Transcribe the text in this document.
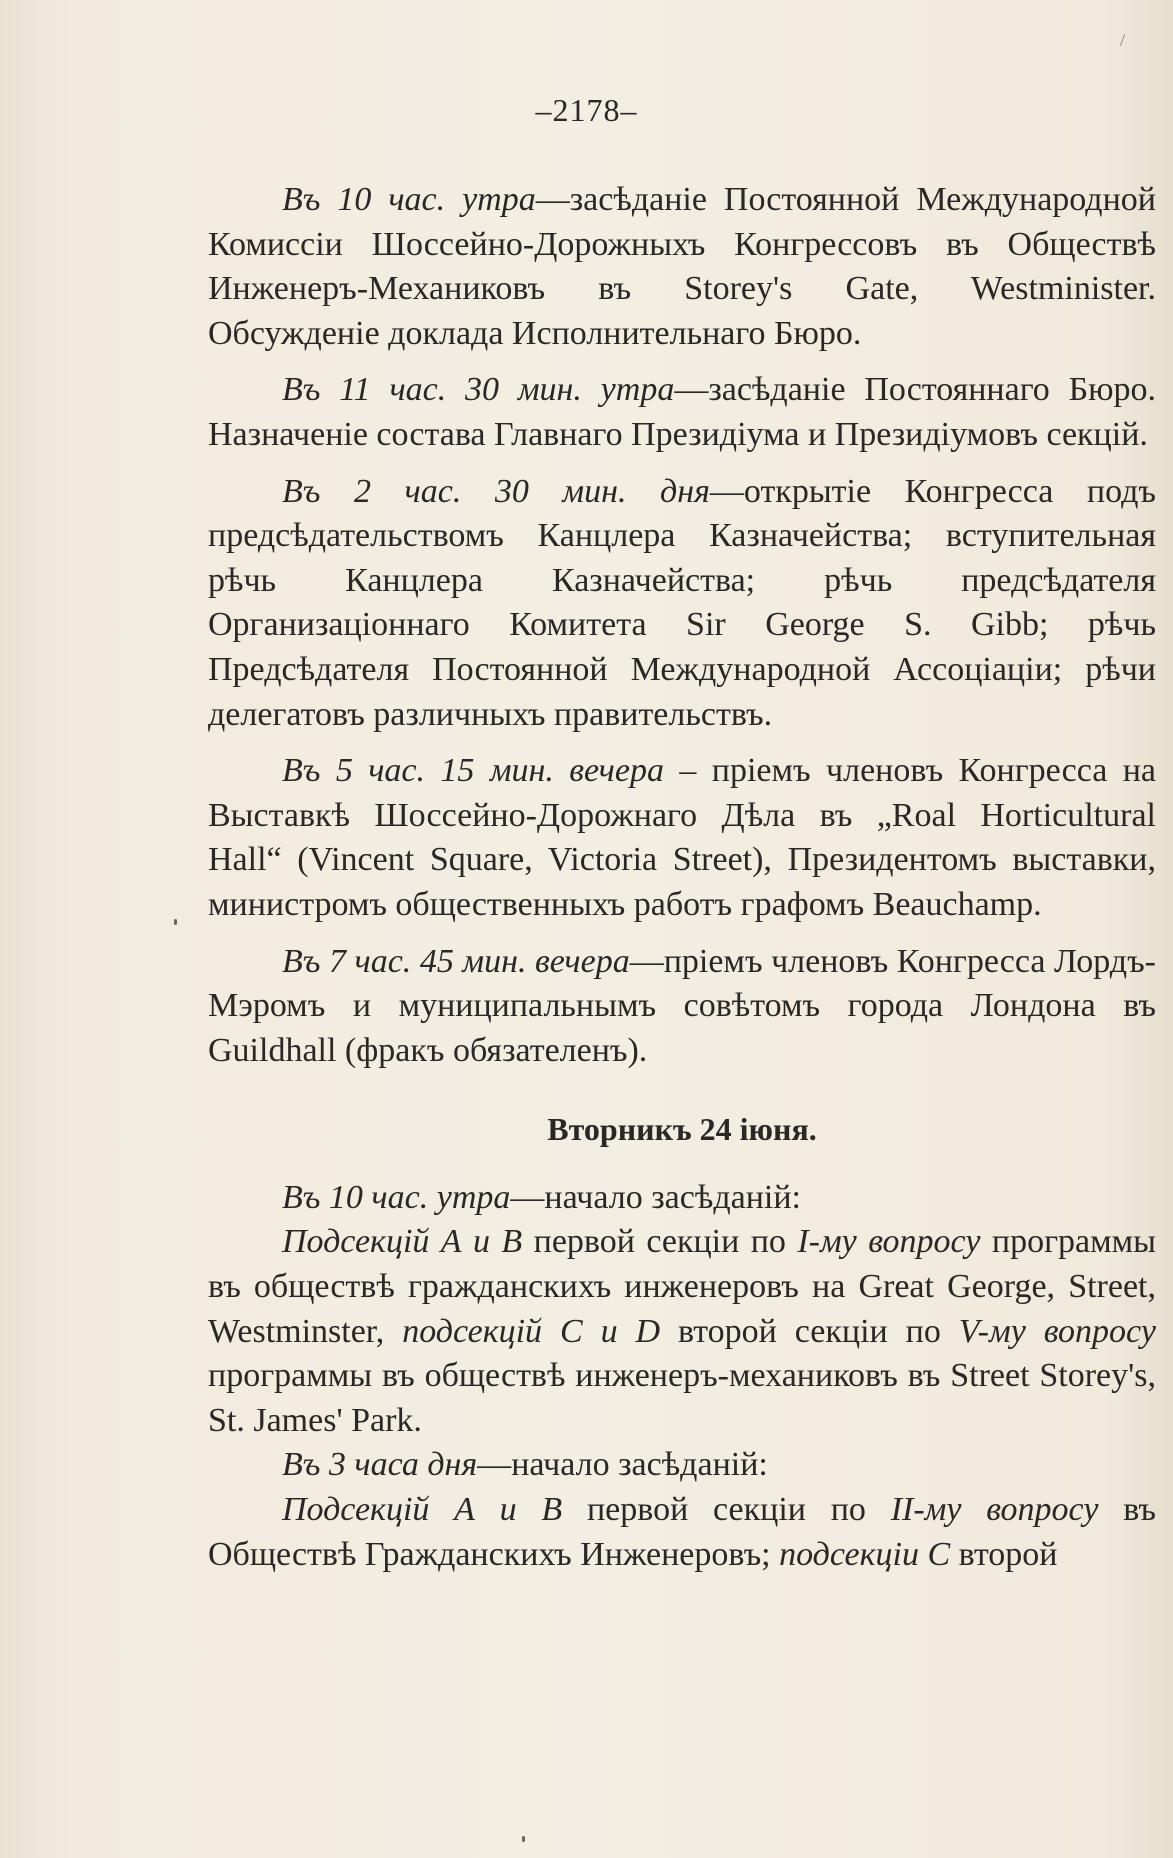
/
–2178–

Въ 10 час. утра—засѣданіе Постоянной Международной Комиссіи Шоссейно-Дорожныхъ Конгрессовъ въ Обществѣ Инженеръ-Механиковъ въ Storey's Gate, Westminister. Обсужденіе доклада Исполнительнаго Бюро.

Въ 11 час. 30 мин. утра—засѣданіе Постояннаго Бюро. Назначеніе состава Главнаго Президіума и Президіумовъ секцій.

Въ 2 час. 30 мин. дня—открытіе Конгресса подъ предсѣдательствомъ Канцлера Казначейства; вступительная рѣчь Канцлера Казначейства; рѣчь предсѣдателя Организаціоннаго Комитета Sir George S. Gibb; рѣчь Предсѣдателя Постоянной Международной Ассоціаціи; рѣчи делегатовъ различныхъ правительствъ.

Въ 5 час. 15 мин. вечера – пріемъ членовъ Конгресса на Выставкѣ Шоссейно-Дорожнаго Дѣла въ „Roal Horticultural Hall“ (Vincent Square, Victoria Street), Президентомъ выставки, министромъ общественныхъ работъ графомъ Beauchamp.

Въ 7 час. 45 мин. вечера—пріемъ членовъ Конгресса Лордъ-Мэромъ и муниципальнымъ совѣтомъ города Лондона въ Guildhall (фракъ обязателенъ).

Вторникъ 24 іюня.

Въ 10 час. утра—начало засѣданій:

Подсекцій А и В первой секціи по I-му вопросу программы въ обществѣ гражданскихъ инженеровъ на Great George, Street, Westminster, подсекцій C и D второй секціи по V-му вопросу программы въ обществѣ инженеръ-механиковъ въ Street Storey's, St. James' Park.

Въ 3 часа дня—начало засѣданій:

Подсекцій А и В первой секціи по II-му вопросу въ Обществѣ Гражданскихъ Инженеровъ; подсекціи C второй
